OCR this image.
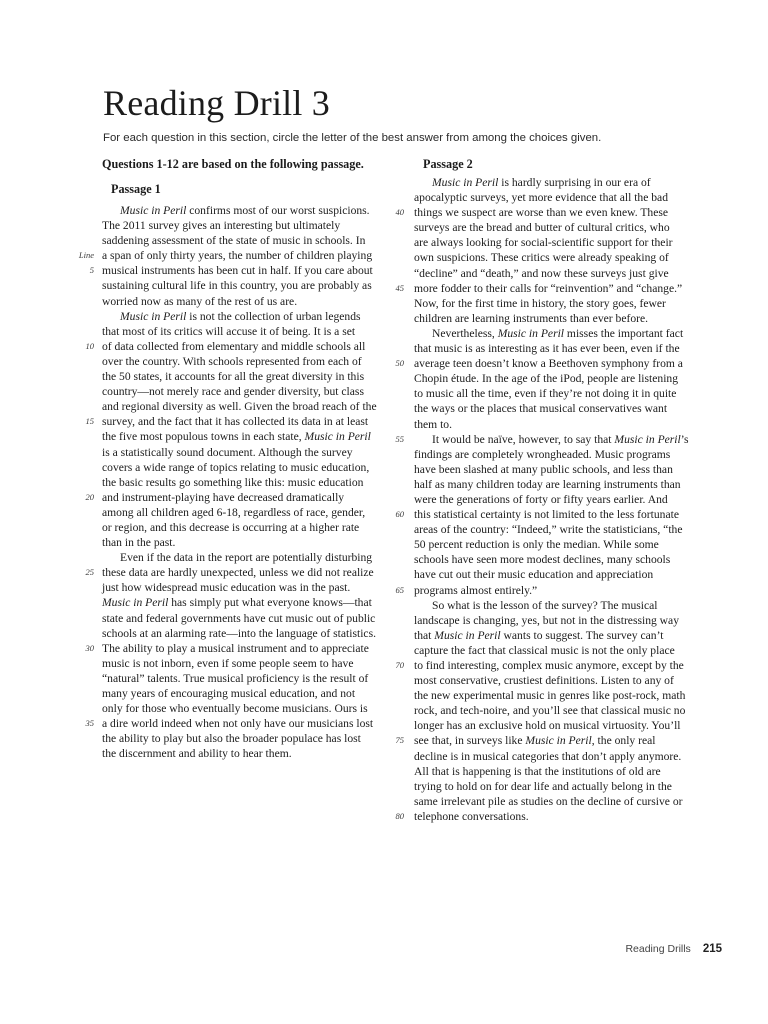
Reading Drill 3

For each question in this section, circle the letter of the best answer from among the choices given.

Questions 1-12 are based on the following passage.

Passage 1

Music in Peril confirms most of our worst suspicions.
The 2011 survey gives an interesting but ultimately
saddening assessment of the state of music in schools. In
Line a span of only thirty years, the number of children playing
5 musical instruments has been cut in half. If you care about
sustaining cultural life in this country, you are probably as
worried now as many of the rest of us are.
Music in Peril is not the collection of urban legends
that most of its critics will accuse it of being. It is a set
10 of data collected from elementary and middle schools all
over the country. With schools represented from each of
the 50 states, it accounts for all the great diversity in this
country—not merely race and gender diversity, but class
and regional diversity as well. Given the broad reach of the
15 survey, and the fact that it has collected its data in at least
the five most populous towns in each state, Music in Peril
is a statistically sound document. Although the survey
covers a wide range of topics relating to music education,
the basic results go something like this: music education
20 and instrument-playing have decreased dramatically
among all children aged 6-18, regardless of race, gender,
or region, and this decrease is occurring at a higher rate
than in the past.
Even if the data in the report are potentially disturbing
25 these data are hardly unexpected, unless we did not realize
just how widespread music education was in the past.
Music in Peril has simply put what everyone knows—that
state and federal governments have cut music out of public
schools at an alarming rate—into the language of statistics.
30 The ability to play a musical instrument and to appreciate
music is not inborn, even if some people seem to have
“natural” talents. True musical proficiency is the result of
many years of encouraging musical education, and not
only for those who eventually become musicians. Ours is
35 a dire world indeed when not only have our musicians lost
the ability to play but also the broader populace has lost
the discernment and ability to hear them.

Passage 2

Music in Peril is hardly surprising in our era of
apocalyptic surveys, yet more evidence that all the bad
40 things we suspect are worse than we even knew. These
surveys are the bread and butter of cultural critics, who
are always looking for social-scientific support for their
own suspicions. These critics were already speaking of
“decline” and “death,” and now these surveys just give
45 more fodder to their calls for “reinvention” and “change.”
Now, for the first time in history, the story goes, fewer
children are learning instruments than ever before.
Nevertheless, Music in Peril misses the important fact
that music is as interesting as it has ever been, even if the
50 average teen doesn’t know a Beethoven symphony from a
Chopin étude. In the age of the iPod, people are listening
to music all the time, even if they’re not doing it in quite
the ways or the places that musical conservatives want
them to.
55 It would be naïve, however, to say that Music in Peril’s
findings are completely wrongheaded. Music programs
have been slashed at many public schools, and less than
half as many children today are learning instruments than
were the generations of forty or fifty years earlier. And
60 this statistical certainty is not limited to the less fortunate
areas of the country: “Indeed,” write the statisticians, “the
50 percent reduction is only the median. While some
schools have seen more modest declines, many schools
have cut out their music education and appreciation
65 programs almost entirely.”
So what is the lesson of the survey? The musical
landscape is changing, yes, but not in the distressing way
that Music in Peril wants to suggest. The survey can’t
capture the fact that classical music is not the only place
70 to find interesting, complex music anymore, except by the
most conservative, crustiest definitions. Listen to any of
the new experimental music in genres like post-rock, math
rock, and tech-noire, and you’ll see that classical music no
longer has an exclusive hold on musical virtuosity. You’ll
75 see that, in surveys like Music in Peril, the only real
decline is in musical categories that don’t apply anymore.
All that is happening is that the institutions of old are
trying to hold on for dear life and actually belong in the
same irrelevant pile as studies on the decline of cursive or
80 telephone conversations.
Reading Drills 215
